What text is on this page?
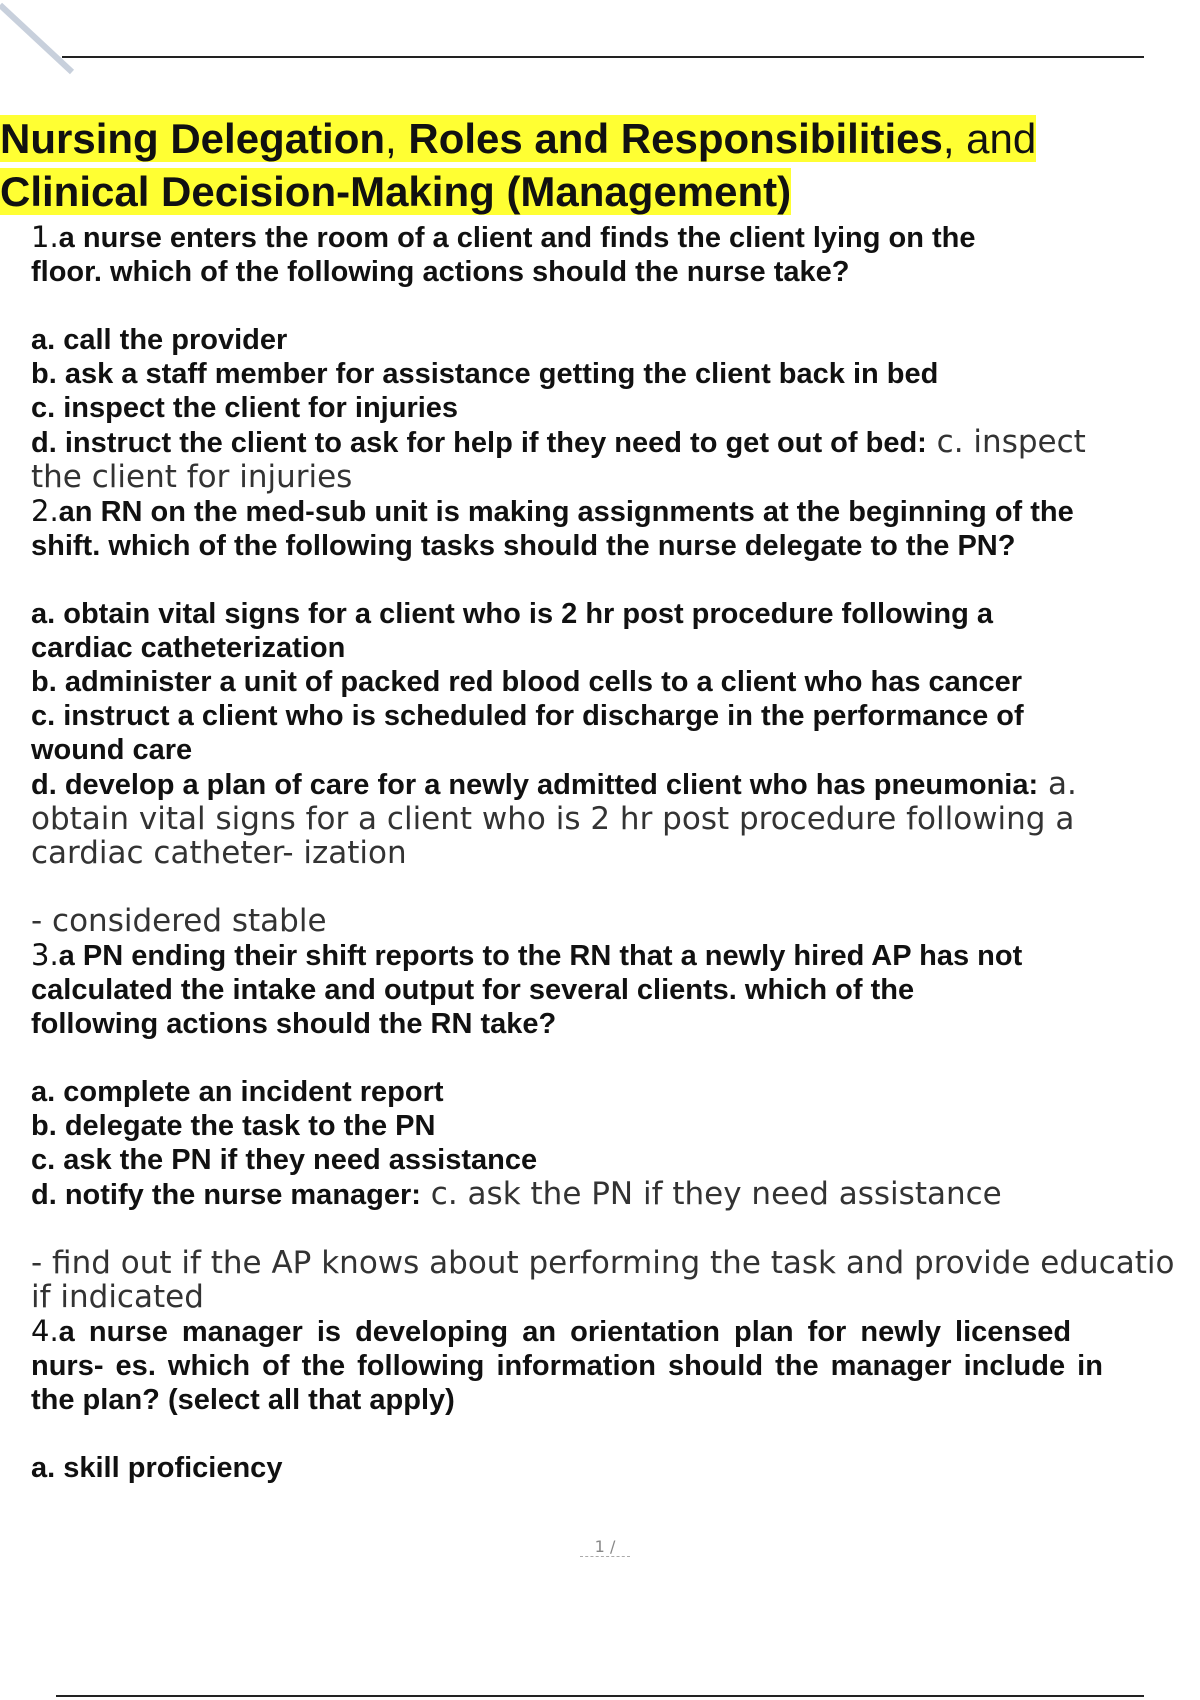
Nursing Delegation, Roles and Responsibilities, and
Clinical Decision-Making (Management)

1.a nurse enters the room of a client and finds the client lying on the

floor. which of the following actions should the nurse take?

a. call the provider

b. ask a staff member for assistance getting the client back in bed

c. inspect the client for injuries

d. instruct the client to ask for help if they need to get out of bed: c. inspect

the client for injuries

2.an RN on the med-sub unit is making assignments at the beginning of the

shift. which of the following tasks should the nurse delegate to the PN?

a. obtain vital signs for a client who is 2 hr post procedure following a

cardiac catheterization

b. administer a unit of packed red blood cells to a client who has cancer

c. instruct a client who is scheduled for discharge in the performance of

wound care

d. develop a plan of care for a newly admitted client who has pneumonia: a.

obtain vital signs for a client who is 2 hr post procedure following a

cardiac catheter- ization

- considered stable

3.a PN ending their shift reports to the RN that a newly hired AP has not

calculated the intake and output for several clients. which of the

following actions should the RN take?

a. complete an incident report

b. delegate the task to the PN

c. ask the PN if they need assistance

d. notify the nurse manager: c. ask the PN if they need assistance

- find out if the AP knows about performing the task and provide educatio

if indicated

4.a nurse manager is developing an orientation plan for newly licensed

nurs- es. which of the following information should the manager include in

the plan? (select all that apply)

a. skill proficiency

1 /
